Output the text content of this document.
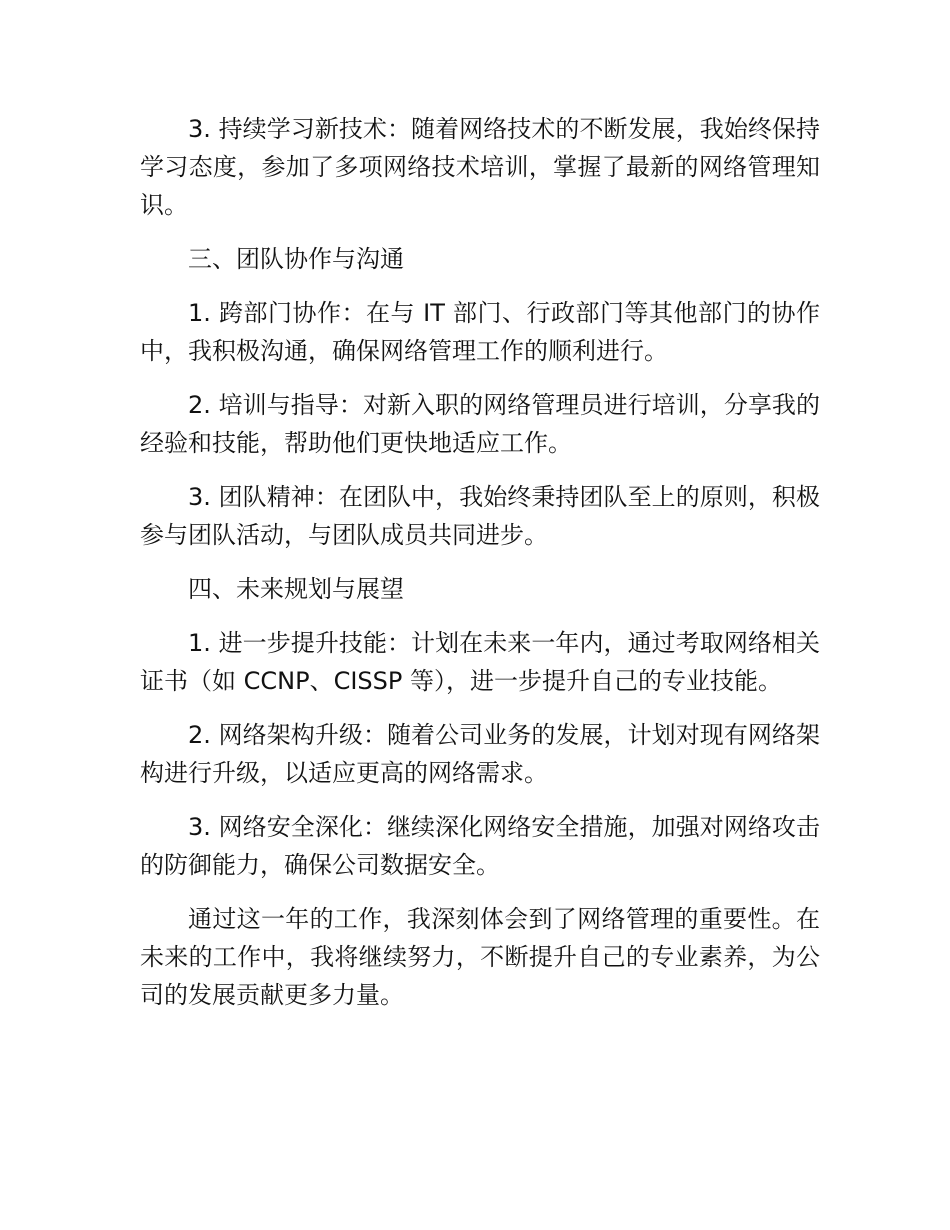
3. 持续学习新技术：随着网络技术的不断发展，我始终保持学习态度，参加了多项网络技术培训，掌握了最新的网络管理知识。

三、团队协作与沟通

1. 跨部门协作：在与 IT 部门、行政部门等其他部门的协作中，我积极沟通，确保网络管理工作的顺利进行。

2. 培训与指导：对新入职的网络管理员进行培训，分享我的经验和技能，帮助他们更快地适应工作。

3. 团队精神：在团队中，我始终秉持团队至上的原则，积极参与团队活动，与团队成员共同进步。

四、未来规划与展望

1. 进一步提升技能：计划在未来一年内，通过考取网络相关证书（如 CCNP、CISSP 等），进一步提升自己的专业技能。

2. 网络架构升级：随着公司业务的发展，计划对现有网络架构进行升级，以适应更高的网络需求。

3. 网络安全深化：继续深化网络安全措施，加强对网络攻击的防御能力，确保公司数据安全。

通过这一年的工作，我深刻体会到了网络管理的重要性。在未来的工作中，我将继续努力，不断提升自己的专业素养，为公司的发展贡献更多力量。
